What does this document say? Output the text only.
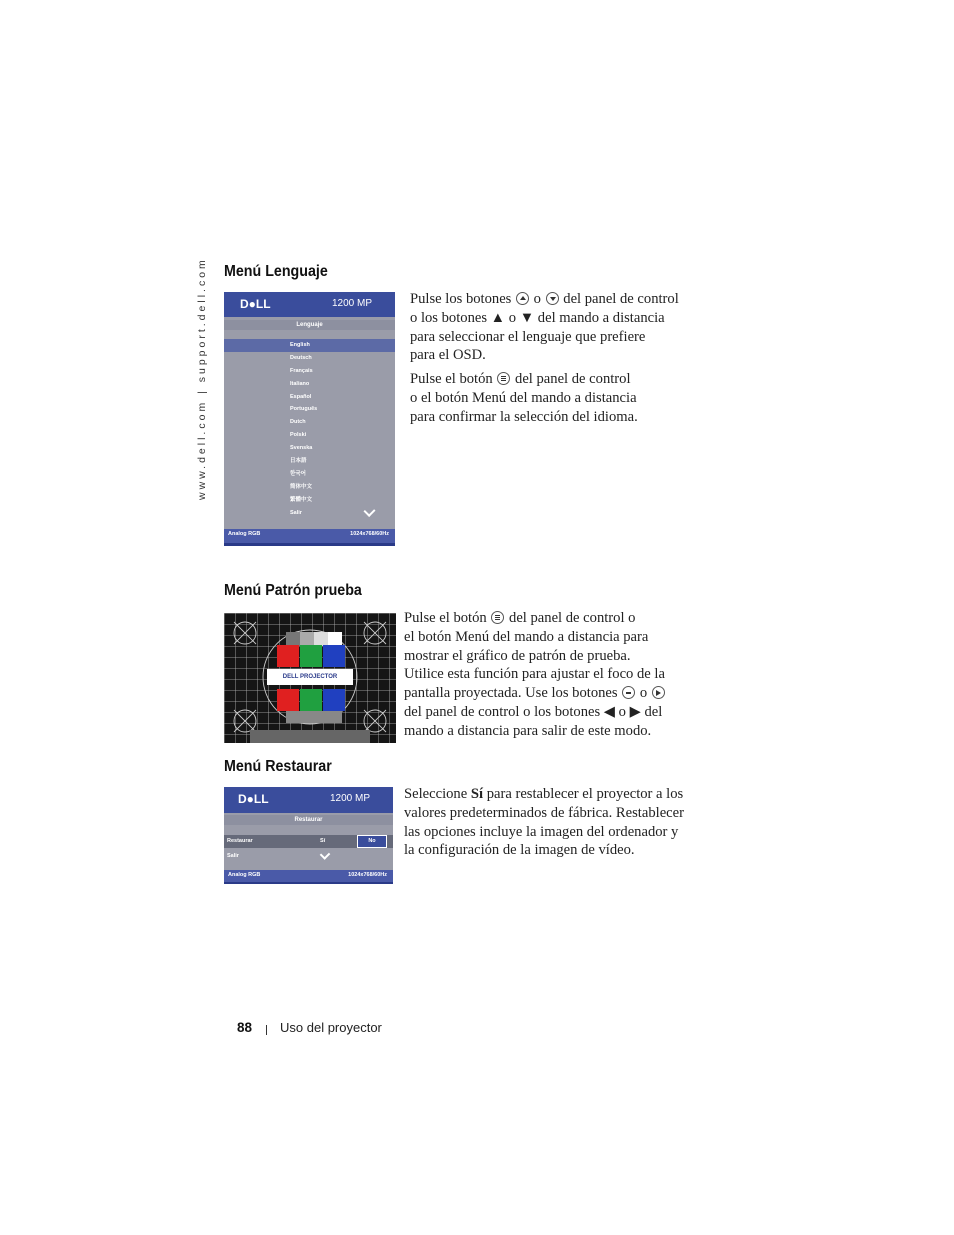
www.dell.com | support.dell.com Menú Lenguaje
D●LL	1200 MP
Lenguaje
English
Deutsch
Français
Italiano
Español
Português
Dutch
Polski
Svenska
日本語
한국어
简体中文
繁體中文
Salir
Analog RGB	1024x768/60Hz

Pulse los botones o del panel de control
o los botones ▲ o ▼ del mando a distancia
para seleccionar el lenguaje que prefiere
para el OSD.

Pulse el botón del panel de control
o el botón Menú del mando a distancia
para confirmar la selección del idioma.

Menú Patrón prueba
DELL PROJECTOR

Pulse el botón del panel de control o
el botón Menú del mando a distancia para
mostrar el gráfico de patrón de prueba.
Utilice esta función para ajustar el foco de la
pantalla proyectada. Use los botones o
del panel de control o los botones ◀ o ▶ del
mando a distancia para salir de este modo.

Menú Restaurar
D●LL	1200 MP
Restaurar
Restaurar	Sí	No
Salir
Analog RGB	1024x768/60Hz

Seleccione Sí para restablecer el proyector a los
valores predeterminados de fábrica. Restablecer
las opciones incluye la imagen del ordenador y
la configuración de la imagen de vídeo.

88 Uso del proyector
